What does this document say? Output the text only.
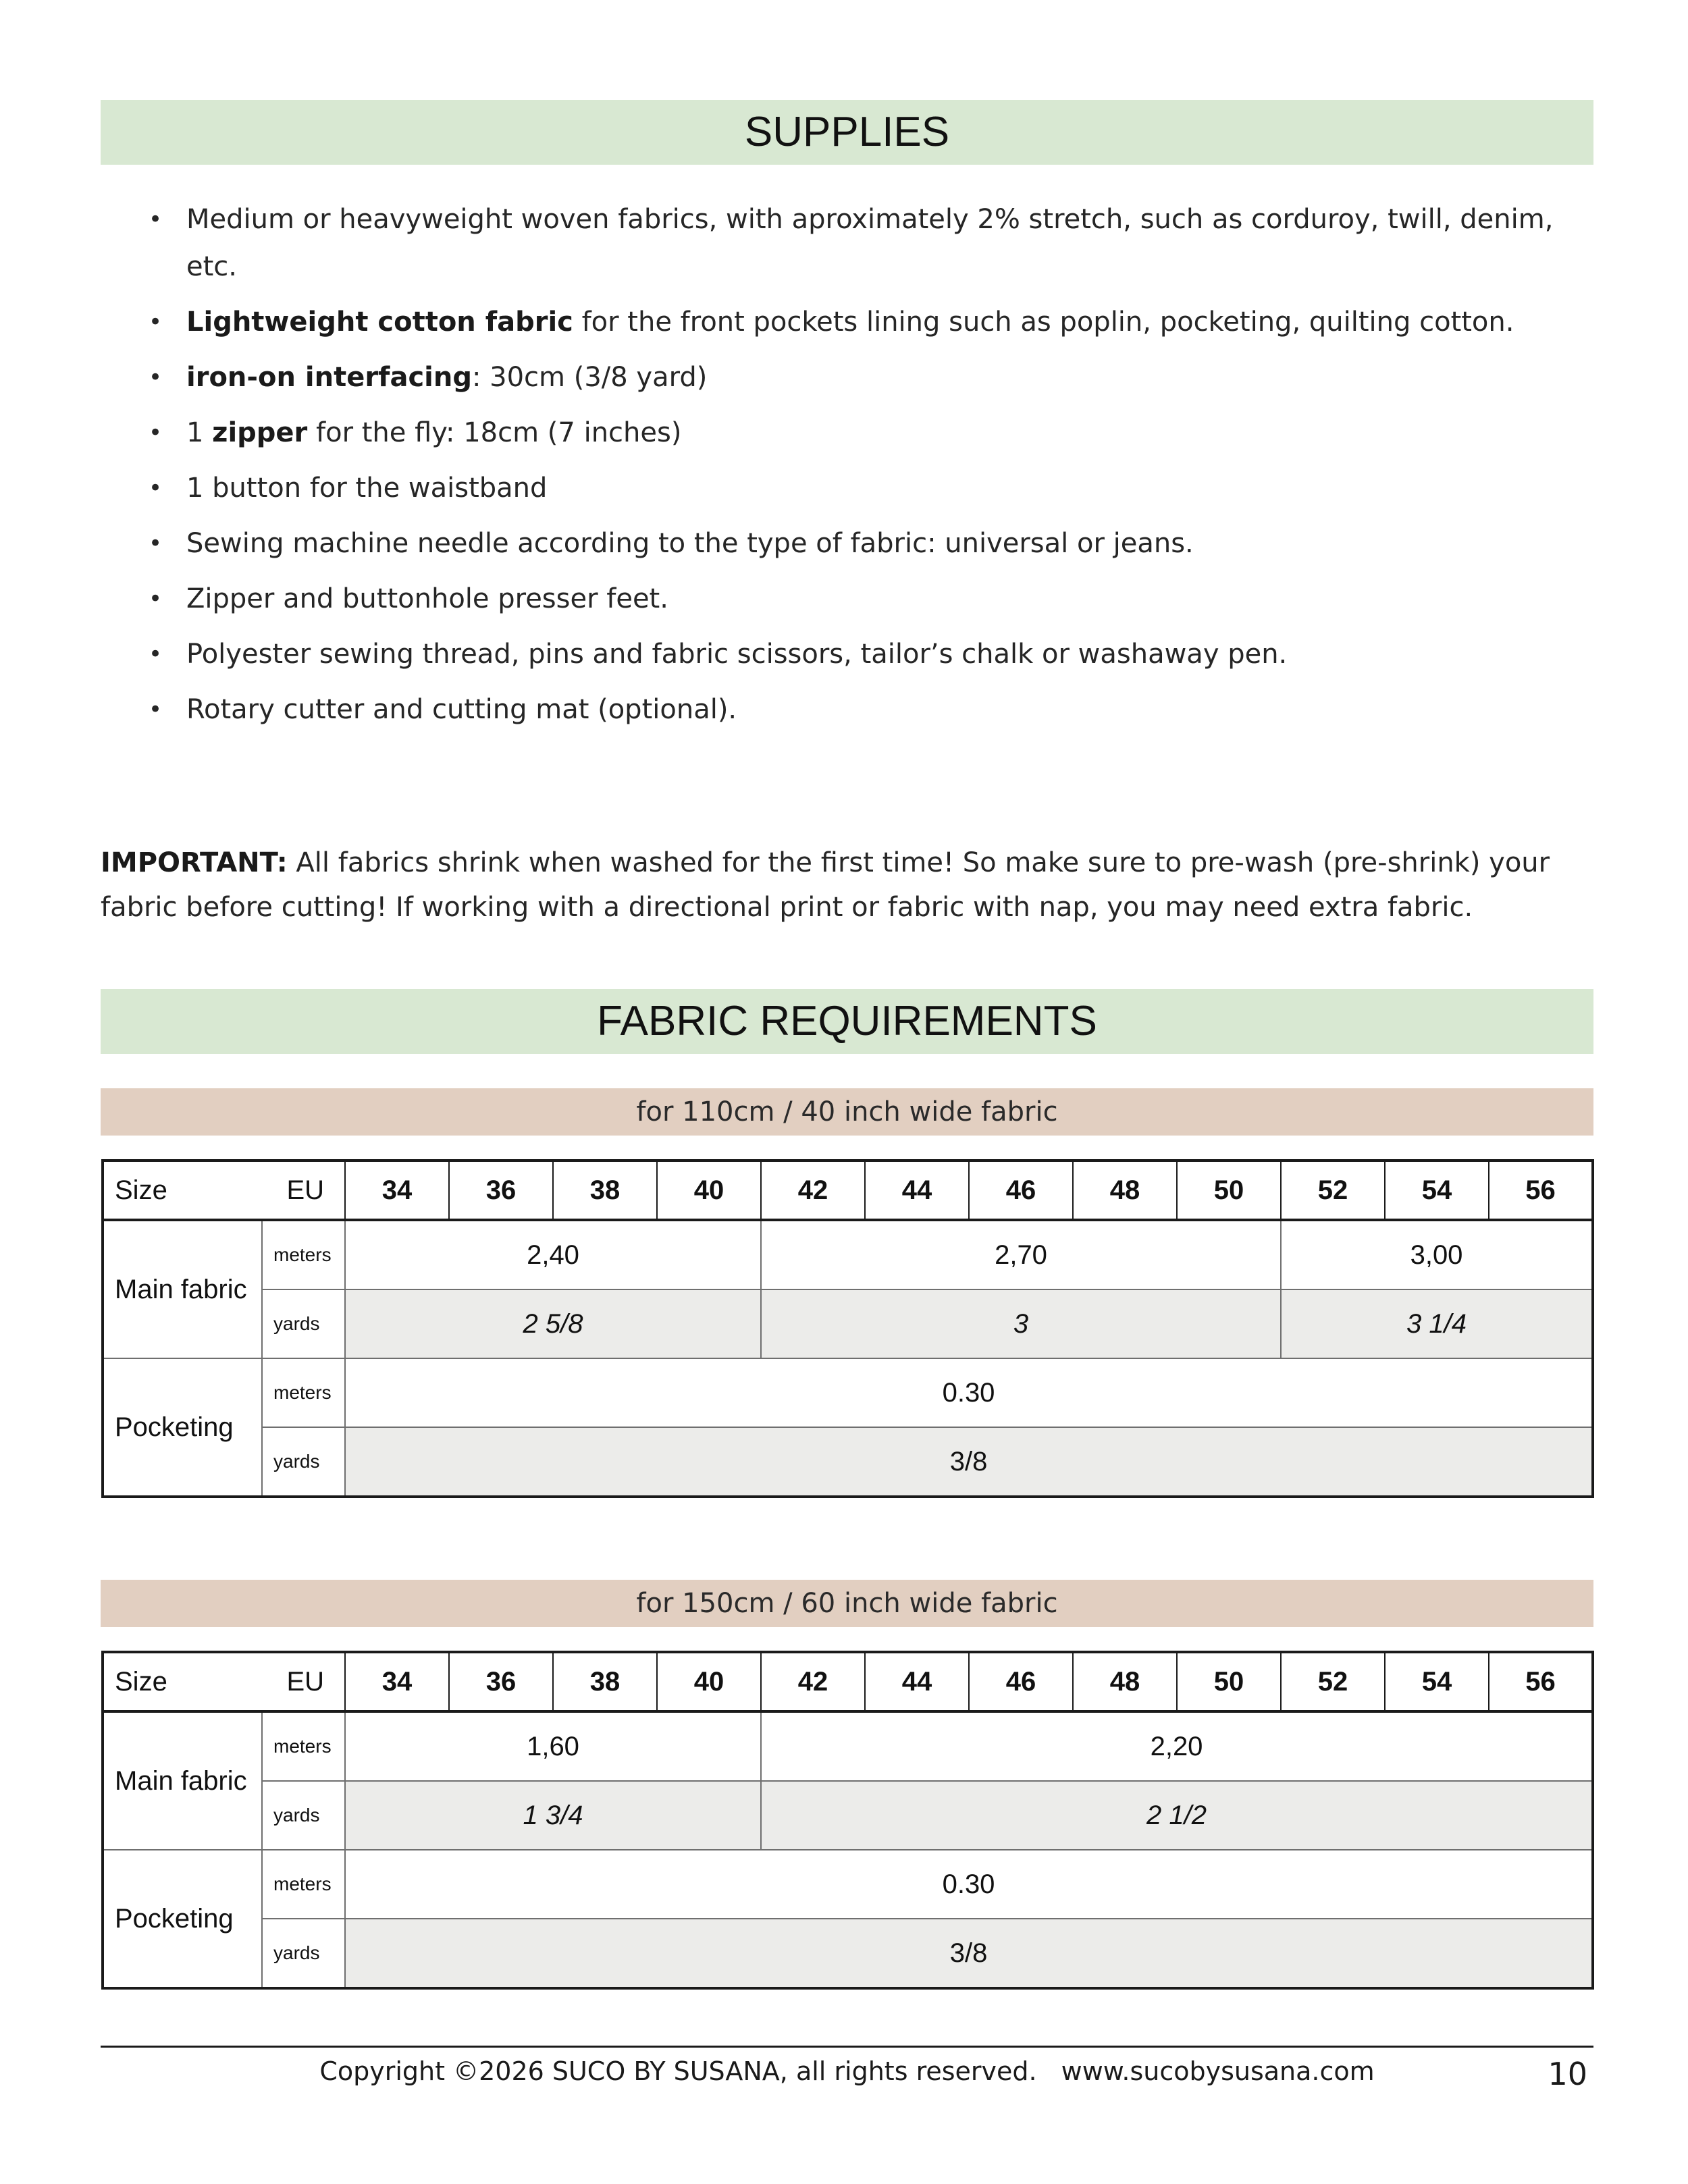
SUPPLIES
• Medium or heavyweight woven fabrics, with aproximately 2% stretch, such as corduroy, twill, denim, etc.
• Lightweight cotton fabric for the front pockets lining such as poplin, pocketing, quilting cotton.
• iron-on interfacing: 30cm (3/8 yard)
• 1 zipper for the fly: 18cm (7 inches)
• 1 button for the waistband
• Sewing machine needle according to the type of fabric: universal or jeans.
• Zipper and buttonhole presser feet.
• Polyester sewing thread, pins and fabric scissors, tailor’s chalk or washaway pen.
• Rotary cutter and cutting mat (optional).
IMPORTANT: All fabrics shrink when washed for the first time! So make sure to pre-wash (pre-shrink) your fabric before cutting! If working with a directional print or fabric with nap, you may need extra fabric.
FABRIC REQUIREMENTS
for 110cm / 40 inch wide fabric
Size EU		34	36	38	40	42	44	46	48	50	52	54	56
Main fabric	meters	2,40				2,70					3,00		
	yards	2 5/8				3					3 1/4		
Pocketing	meters	0.30											
	yards	3/8											
for 150cm / 60 inch wide fabric
Size EU		34	36	38	40	42	44	46	48	50	52	54	56
Main fabric	meters	1,60				2,20							
	yards	1 3/4				2 1/2							
Pocketing	meters	0.30											
	yards	3/8											
Copyright ©2026 SUCO BY SUSANA, all rights reserved. www.sucobysusana.com	10
